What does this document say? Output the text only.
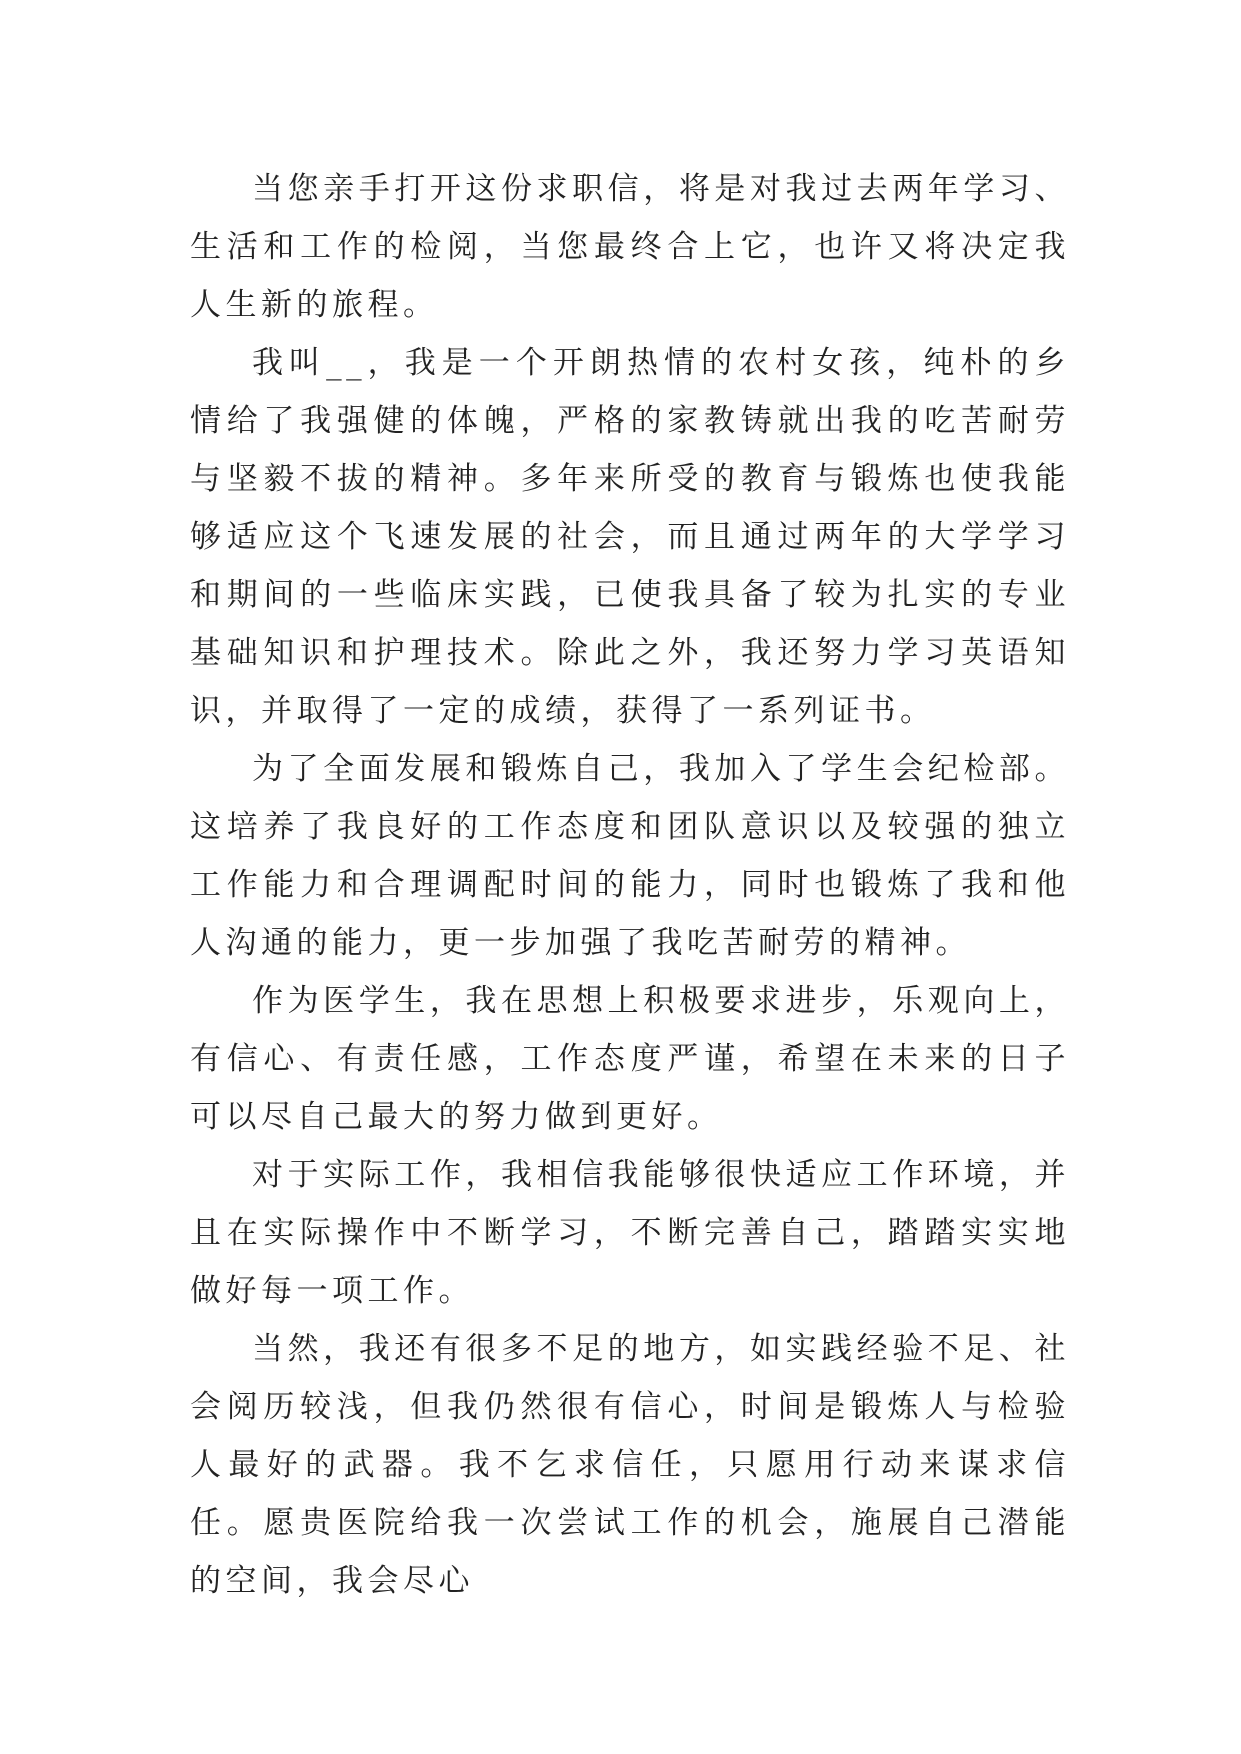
当您亲手打开这份求职信，将是对我过去两年学习、生活和工作的检阅，当您最终合上它，也许又将决定我人生新的旅程。

我叫__，我是一个开朗热情的农村女孩，纯朴的乡情给了我强健的体魄，严格的家教铸就出我的吃苦耐劳与坚毅不拔的精神。多年来所受的教育与锻炼也使我能够适应这个飞速发展的社会，而且通过两年的大学学习和期间的一些临床实践，已使我具备了较为扎实的专业基础知识和护理技术。除此之外，我还努力学习英语知识，并取得了一定的成绩，获得了一系列证书。

为了全面发展和锻炼自己，我加入了学生会纪检部。这培养了我良好的工作态度和团队意识以及较强的独立工作能力和合理调配时间的能力，同时也锻炼了我和他人沟通的能力，更一步加强了我吃苦耐劳的精神。

作为医学生，我在思想上积极要求进步，乐观向上，有信心、有责任感，工作态度严谨，希望在未来的日子可以尽自己最大的努力做到更好。

对于实际工作，我相信我能够很快适应工作环境，并且在实际操作中不断学习，不断完善自己，踏踏实实地做好每一项工作。

当然，我还有很多不足的地方，如实践经验不足、社会阅历较浅，但我仍然很有信心，时间是锻炼人与检验人最好的武器。我不乞求信任，只愿用行动来谋求信任。愿贵医院给我一次尝试工作的机会，施展自己潜能的空间，我会尽心
